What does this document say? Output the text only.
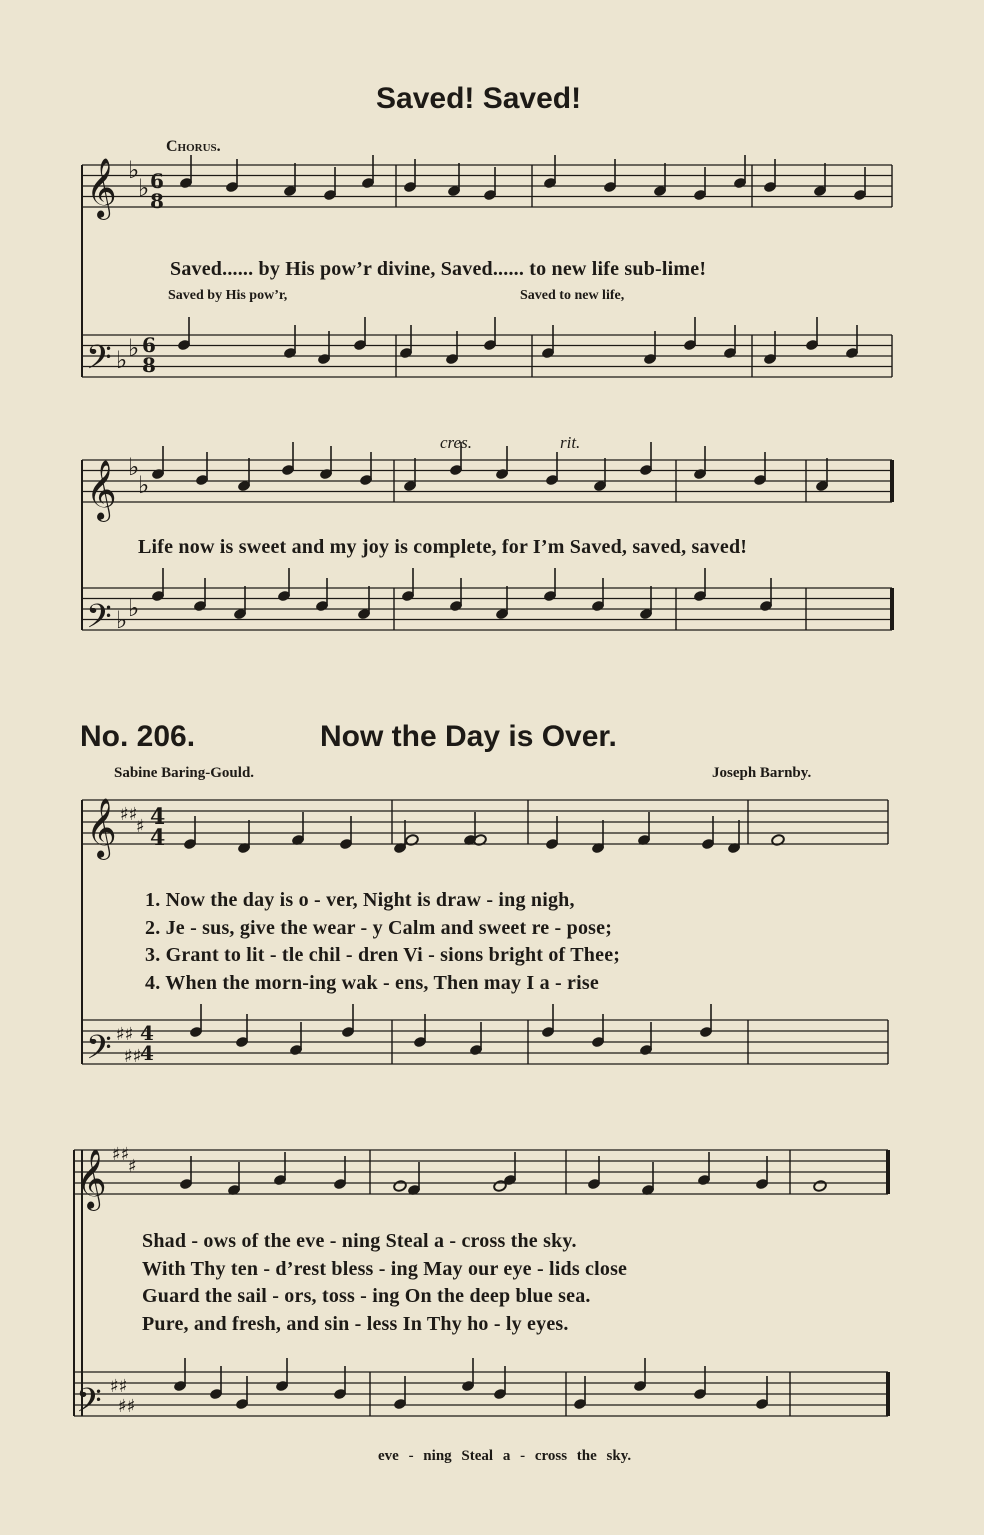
Saved! Saved!
Chorus.
𝄞
𝄢
𝄞
𝄢
𝄞
𝄢
𝄞
𝄢
♭
♭ 6
8
♭
♭
6
8
♭
♭
♭
♭
♯♯
♯ 4
4
♯♯
♯♯
4
4
♯♯
♯
♯♯
♯♯
Saved...... by His pow’r divine, Saved...... to new life sub-lime!
Saved by His pow’r,	Saved to new life,
cres.	rit.
Life now is sweet and my joy is complete, for I’m Saved, saved, saved!
No. 206.	Now the Day is Over.
Sabine Baring-Gould.	Joseph Barnby.
1. Now the day is o - ver, Night is draw - ing nigh,
2. Je - sus, give the wear - y Calm and sweet re - pose;
3. Grant to lit - tle chil - dren Vi - sions bright of Thee;
4. When the morn-ing wak - ens, Then may I a - rise
Shad - ows of the eve - ning Steal a - cross the sky.
With Thy ten - d’rest bless - ing May our eye - lids close
Guard the sail - ors, toss - ing On the deep blue sea.
Pure, and fresh, and sin - less In Thy ho - ly eyes.
eve - ning Steal a - cross the sky.
